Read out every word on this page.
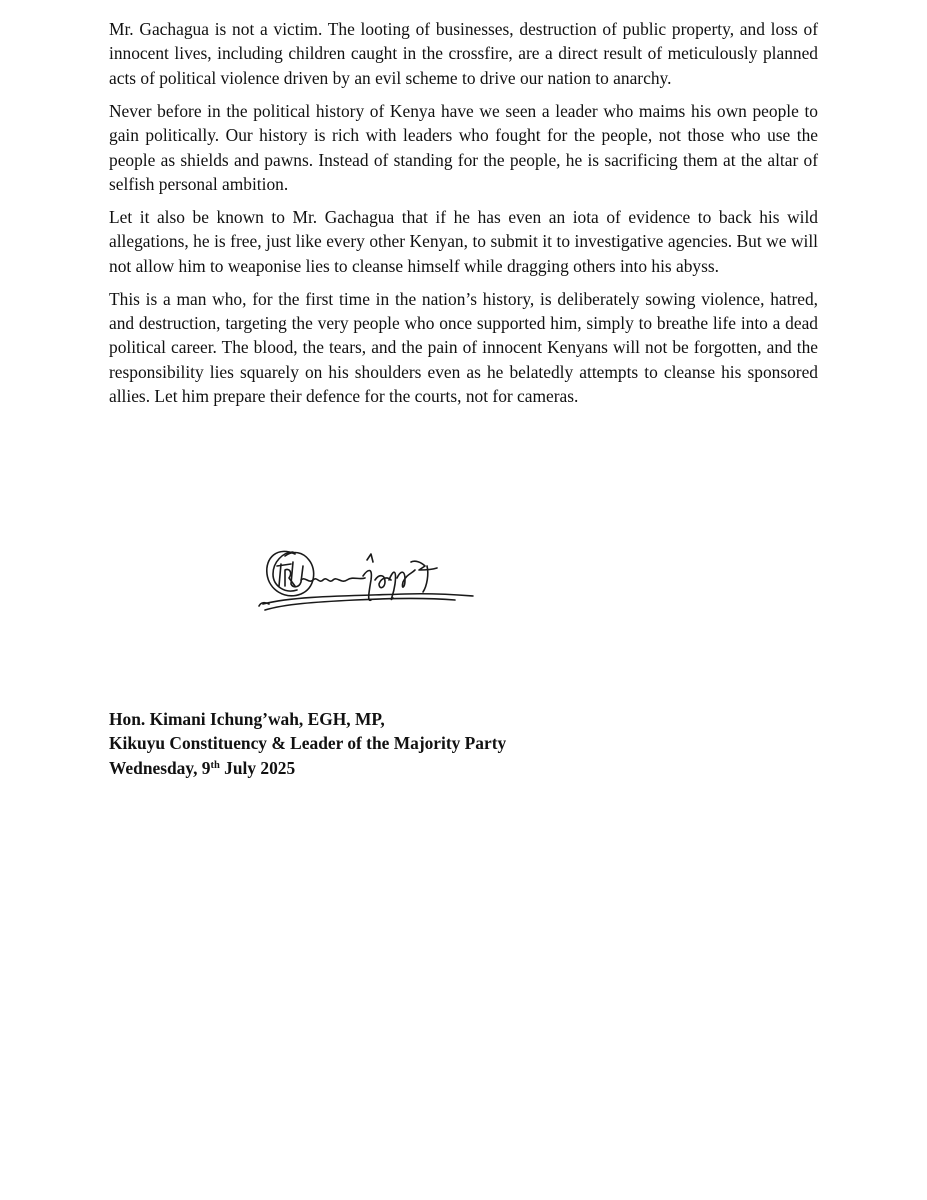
Mr. Gachagua is not a victim. The looting of businesses, destruction of public property, and loss of innocent lives, including children caught in the crossfire, are a direct result of meticulously planned acts of political violence driven by an evil scheme to drive our nation to anarchy.

Never before in the political history of Kenya have we seen a leader who maims his own people to gain politically. Our history is rich with leaders who fought for the people, not those who use the people as shields and pawns. Instead of standing for the people, he is sacrificing them at the altar of selfish personal ambition.

Let it also be known to Mr. Gachagua that if he has even an iota of evidence to back his wild allegations, he is free, just like every other Kenyan, to submit it to investigative agencies. But we will not allow him to weaponise lies to cleanse himself while dragging others into his abyss.

This is a man who, for the first time in the nation’s history, is deliberately sowing violence, hatred, and destruction, targeting the very people who once supported him, simply to breathe life into a dead political career. The blood, the tears, and the pain of innocent Kenyans will not be forgotten, and the responsibility lies squarely on his shoulders even as he belatedly attempts to cleanse his sponsored allies. Let him prepare their defence for the courts, not for cameras.

Hon. Kimani Ichung’wah, EGH, MP,
Kikuyu Constituency & Leader of the Majority Party
Wednesday, 9th July 2025
